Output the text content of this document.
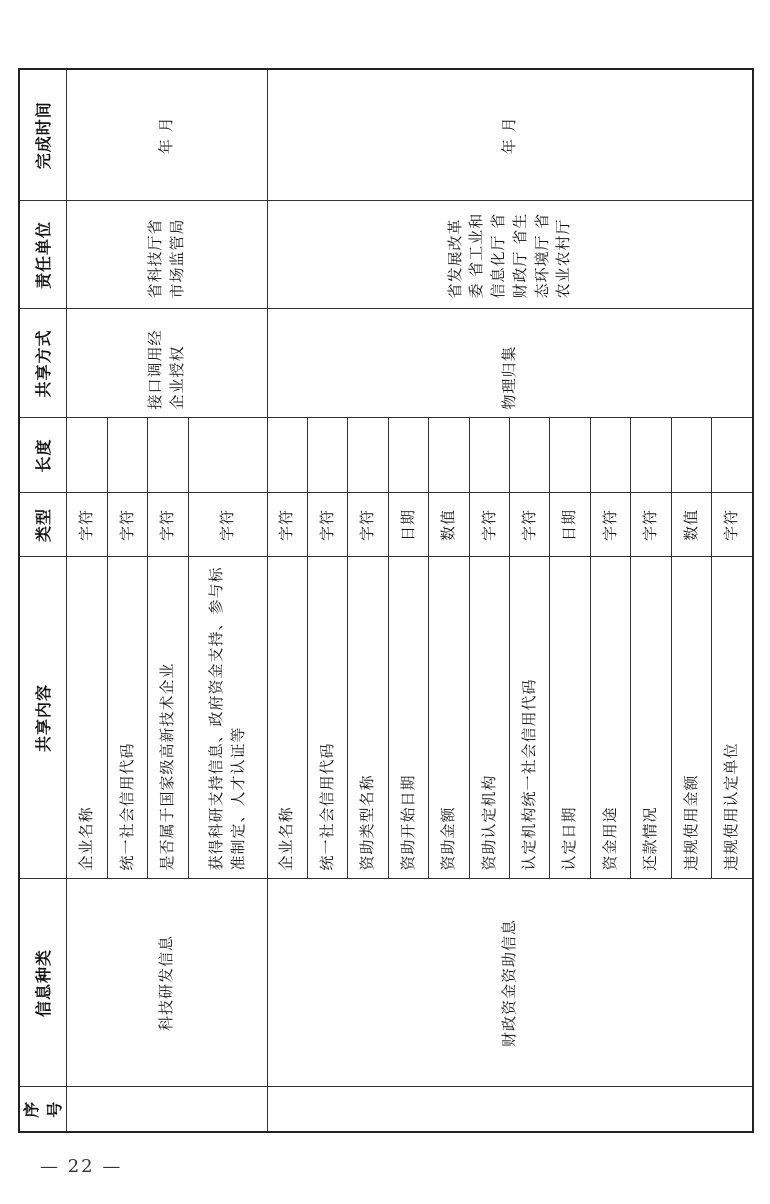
序号	信息种类	共享内容	类型	长度	共享方式	责任单位	完成时间
	科技研发信息	企业名称	字符		接口调用经企业授权	省科技厅省市场监管局	年 月
		统一社会信用代码	字符				
		是否属于国家级高新技术企业	字符				
		获得科研支持信息、政府资金支持、参与标准制定、人才认证等	字符				
	财政资金资助信息	企业名称	字符		物理归集	省发展改革委 省工业和信息化厅 省财政厅 省生态环境厅 省农业农村厅	年 月
		统一社会信用代码	字符				
		资助类型名称	字符				
		资助开始日期	日期				
		资助金额	数值				
		资助认定机构	字符				
		认定机构统一社会信用代码	字符				
		认定日期	日期				
		资金用途	字符				
		还款情况	字符				
		违规使用金额	数值				
		违规使用认定单位	字符				
— 22 —
